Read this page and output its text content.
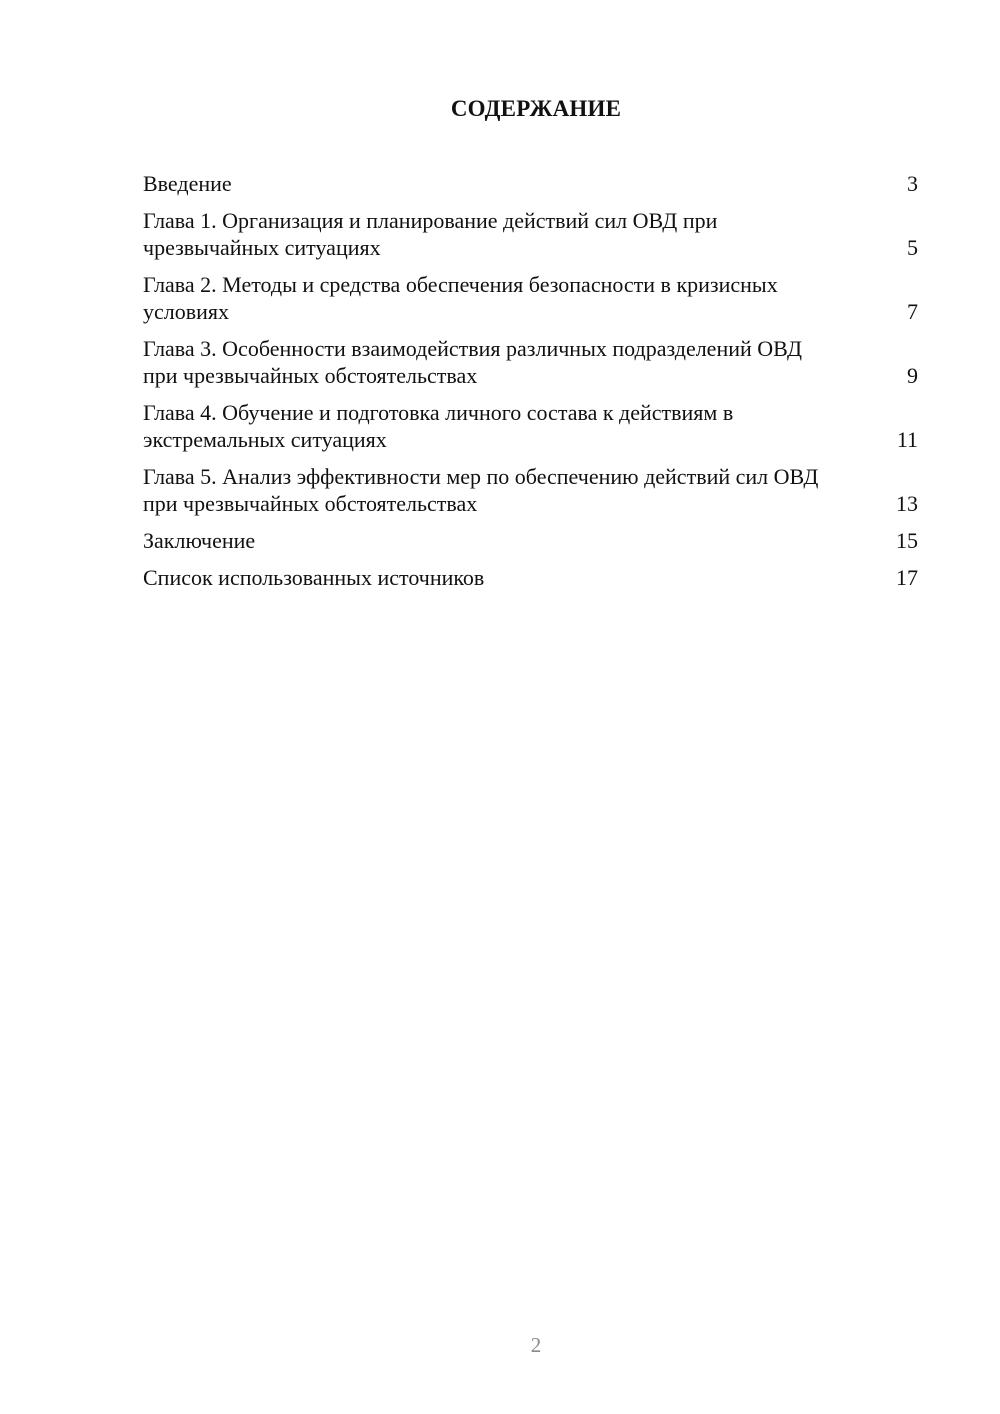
СОДЕРЖАНИЕ
Введение	3
Глава 1. Организация и планирование действий сил ОВД при чрезвычайных ситуациях	5
Глава 2. Методы и средства обеспечения безопасности в кризисных условиях	7
Глава 3. Особенности взаимодействия различных подразделений ОВД при чрезвычайных обстоятельствах	9
Глава 4. Обучение и подготовка личного состава к действиям в экстремальных ситуациях	11
Глава 5. Анализ эффективности мер по обеспечению действий сил ОВД при чрезвычайных обстоятельствах	13
Заключение	15
Список использованных источников	17
2
